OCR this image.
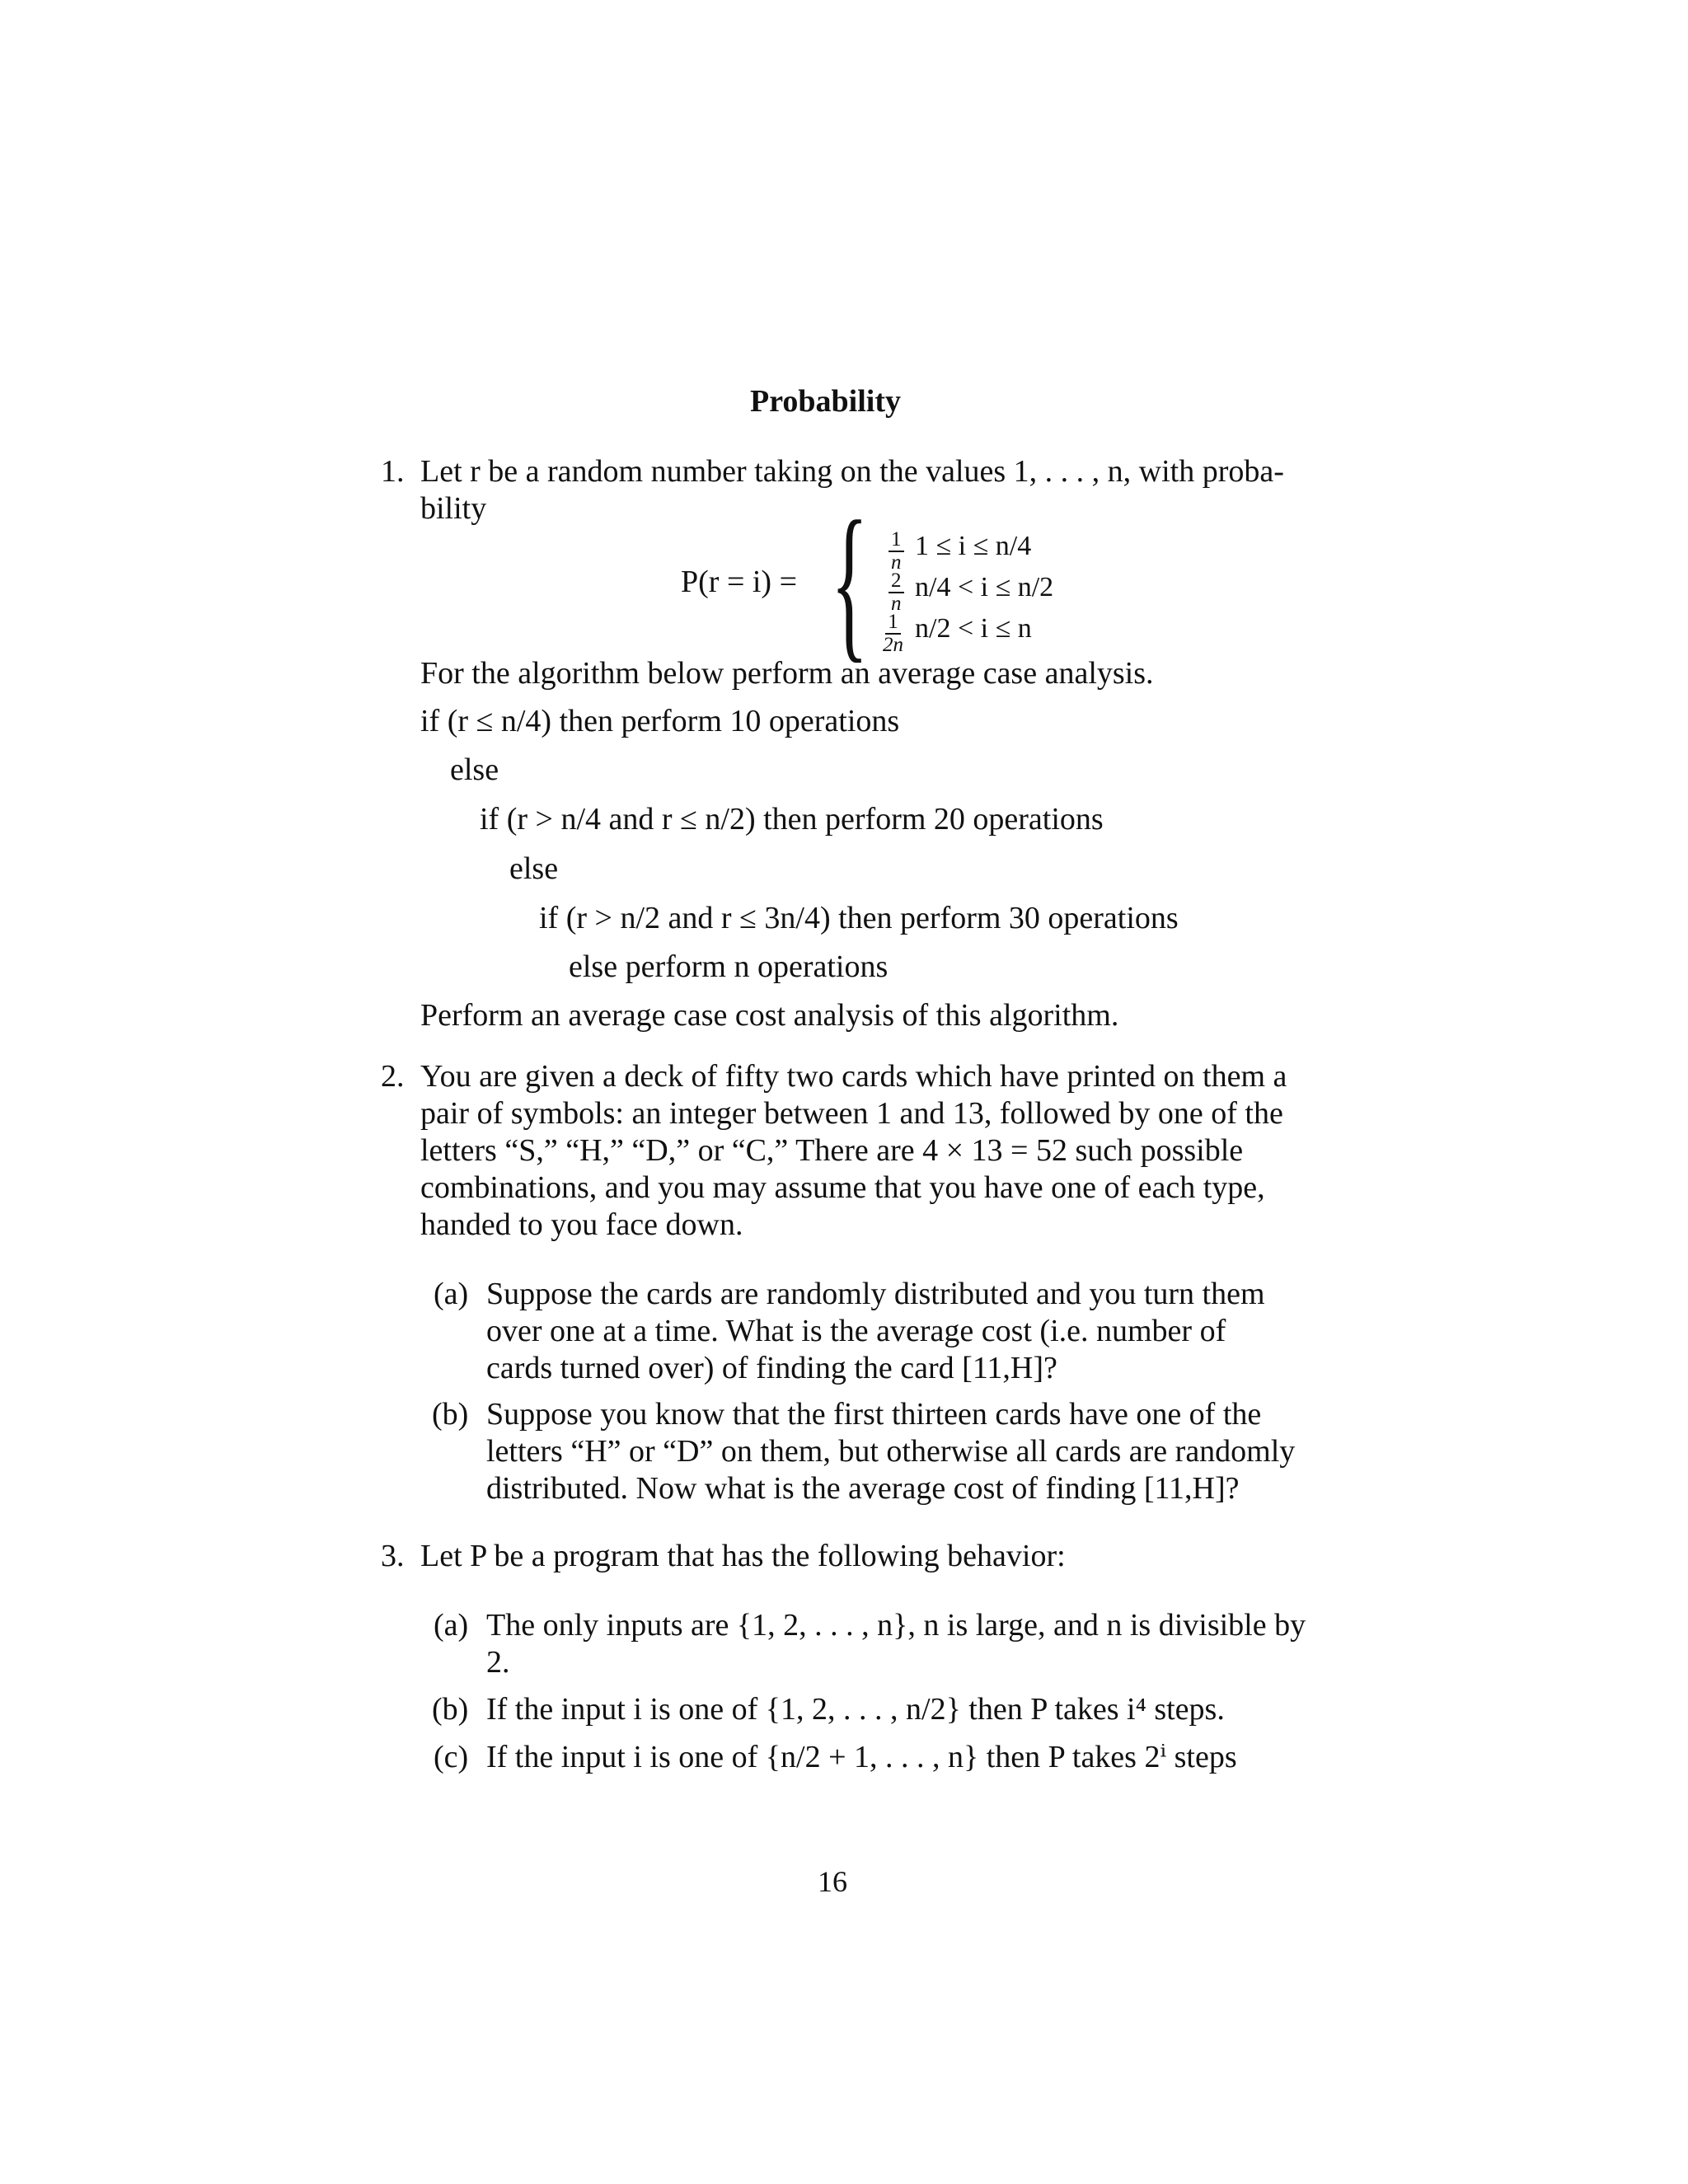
Probability
1. Let r be a random number taking on the values 1, . . . , n, with proba-
bility
P(r = i) = { $\frac{1}{n} 1 \le i \le n/4$
$\frac{2}{n} n/4 < i \le n/2$
$\frac{1}{2n} n/2 < i \le n$
For the algorithm below perform an average case analysis.
if (r ≤ n/4) then perform 10 operations
else
if (r > n/4 and r ≤ n/2) then perform 20 operations
else
if (r > n/2 and r ≤ 3n/4) then perform 30 operations
else perform n operations
Perform an average case cost analysis of this algorithm.
2. You are given a deck of fifty two cards which have printed on them a
pair of symbols: an integer between 1 and 13, followed by one of the
letters “S,” “H,” “D,” or “C,” There are 4 × 13 = 52 such possible
combinations, and you may assume that you have one of each type,
handed to you face down.
(a) Suppose the cards are randomly distributed and you turn them
over one at a time. What is the average cost (i.e. number of
cards turned over) of finding the card [11,H]?
(b) Suppose you know that the first thirteen cards have one of the
letters “H” or “D” on them, but otherwise all cards are randomly
distributed. Now what is the average cost of finding [11,H]?
3. Let P be a program that has the following behavior:
(a) The only inputs are {1, 2, . . . , n}, n is large, and n is divisible by
2.
(b) If the input i is one of {1, 2, . . . , n/2} then P takes i⁴ steps.
(c) If the input i is one of {n/2 + 1, . . . , n} then P takes 2ⁱ steps
16
